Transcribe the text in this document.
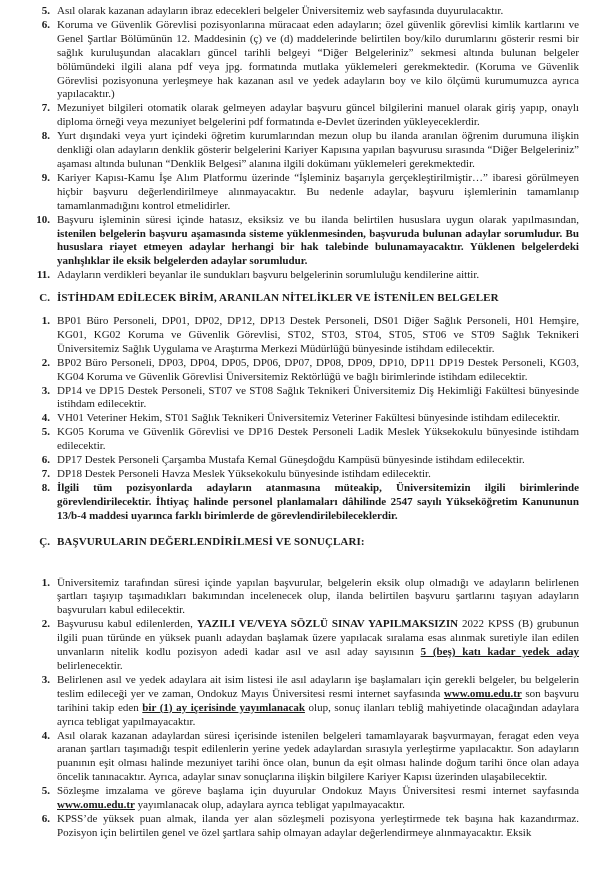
5. Asıl olarak kazanan adayların ibraz edecekleri belgeler Üniversitemiz web sayfasında duyurulacaktır.
6. Koruma ve Güvenlik Görevlisi pozisyonlarına müracaat eden adayların; özel güvenlik görevlisi kimlik kartlarını ve Genel Şartlar Bölümünün 12. Maddesinin (ç) ve (d) maddelerinde belirtilen boy/kilo durumlarını gösterir resmi bir sağlık kuruluşundan alacakları güncel tarihli belgeyi “Diğer Belgeleriniz” sekmesi altında bulunan belgeler bölümündeki ilgili alana pdf veya jpg. formatında mutlaka yüklemeleri gerekmektedir. (Koruma ve Güvenlik Görevlisi pozisyonuna yerleşmeye hak kazanan asıl ve yedek adayların boy ve kilo ölçümü kurumumuzca ayrıca yapılacaktır.)
7. Mezuniyet bilgileri otomatik olarak gelmeyen adaylar başvuru güncel bilgilerini manuel olarak giriş yapıp, onaylı diploma örneği veya mezuniyet belgelerini pdf formatında e-Devlet üzerinden yükleyeceklerdir.
8. Yurt dışındaki veya yurt içindeki öğretim kurumlarından mezun olup bu ilanda aranılan öğrenim durumuna ilişkin denkliği olan adayların denklik gösterir belgelerini Kariyer Kapısına yapılan başvurusu sırasında “Diğer Belgeleriniz” aşaması altında bulunan “Denklik Belgesi” alanına ilgili dokümanı yüklemeleri gerekmektedir.
9. Kariyer Kapısı-Kamu İşe Alım Platformu üzerinde “İşleminiz başarıyla gerçekleştirilmiştir…” ibaresi görülmeyen hiçbir başvuru değerlendirilmeye alınmayacaktır. Bu nedenle adaylar, başvuru işlemlerinin tamamlanıp tamamlanmadığını kontrol etmelidirler.
10. Başvuru işleminin süresi içinde hatasız, eksiksiz ve bu ilanda belirtilen hususlara uygun olarak yapılmasından, istenilen belgelerin başvuru aşamasında sisteme yüklenmesinden, başvuruda bulunan adaylar sorumludur. Bu hususlara riayet etmeyen adaylar herhangi bir hak talebinde bulunamayacaktır. Yüklenen belgelerdeki yanlışlıklar ile eksik belgelerden adaylar sorumludur.
11. Adayların verdikleri beyanlar ile sundukları başvuru belgelerinin sorumluluğu kendilerine aittir.
C. İSTİHDAM EDİLECEK BİRİM, ARANILAN NİTELİKLER VE İSTENİLEN BELGELER
1. BP01 Büro Personeli, DP01, DP02, DP12, DP13 Destek Personeli, DS01 Diğer Sağlık Personeli, H01 Hemşire, KG01, KG02 Koruma ve Güvenlik Görevlisi, ST02, ST03, ST04, ST05, ST06 ve ST09 Sağlık Teknikeri Üniversitemiz Sağlık Uygulama ve Araştırma Merkezi Müdürlüğü bünyesinde istihdam edilecektir.
2. BP02 Büro Personeli, DP03, DP04, DP05, DP06, DP07, DP08, DP09, DP10, DP11 DP19 Destek Personeli, KG03, KG04 Koruma ve Güvenlik Görevlisi Üniversitemiz Rektörlüğü ve bağlı birimlerinde istihdam edilecektir.
3. DP14 ve DP15 Destek Personeli, ST07 ve ST08 Sağlık Teknikeri Üniversitemiz Diş Hekimliği Fakültesi bünyesinde istihdam edilecektir.
4. VH01 Veteriner Hekim, ST01 Sağlık Teknikeri Üniversitemiz Veteriner Fakültesi bünyesinde istihdam edilecektir.
5. KG05 Koruma ve Güvenlik Görevlisi ve DP16 Destek Personeli Ladik Meslek Yüksekokulu bünyesinde istihdam edilecektir.
6. DP17 Destek Personeli Çarşamba Mustafa Kemal Güneşdoğdu Kampüsü bünyesinde istihdam edilecektir.
7. DP18 Destek Personeli Havza Meslek Yüksekokulu bünyesinde istihdam edilecektir.
8. İlgili tüm pozisyonlarda adayların atanmasına müteakip, Üniversitemizin ilgili birimlerinde görevlendirilecektir. İhtiyaç halinde personel planlamaları dâhilinde 2547 sayılı Yükseköğretim Kanununun 13/b-4 maddesi uyarınca farklı birimlerde de görevlendirilebileceklerdir.
Ç. BAŞVURULARIN DEĞERLENDİRİLMESİ VE SONUÇLARI:
1. Üniversitemiz tarafından süresi içinde yapılan başvurular, belgelerin eksik olup olmadığı ve adayların belirlenen şartları taşıyıp taşımadıkları bakımından incelenecek olup, ilanda belirtilen başvuru şartlarını taşıyan adayların başvuruları kabul edilecektir.
2. Başvurusu kabul edilenlerden, YAZILI VE/VEYA SÖZLÜ SINAV YAPILMAKSIZIN 2022 KPSS (B) grubunun ilgili puan türünde en yüksek puanlı adaydan başlamak üzere yapılacak sıralama esas alınmak suretiyle ilan edilen unvanların nitelik kodlu pozisyon adedi kadar asıl ve asıl aday sayısının 5 (beş) katı kadar yedek aday belirlenecektir.
3. Belirlenen asıl ve yedek adaylara ait isim listesi ile asıl adayların işe başlamaları için gerekli belgeler, bu belgelerin teslim edileceği yer ve zaman, Ondokuz Mayıs Üniversitesi resmi internet sayfasında www.omu.edu.tr son başvuru tarihini takip eden bir (1) ay içerisinde yayımlanacak olup, sonuç ilanları tebliğ mahiyetinde olacağından adaylara ayrıca tebligat yapılmayacaktır.
4. Asıl olarak kazanan adaylardan süresi içerisinde istenilen belgeleri tamamlayarak başvurmayan, feragat eden veya aranan şartları taşımadığı tespit edilenlerin yerine yedek adaylardan sırasıyla yerleştirme yapılacaktır. Son adayların puanının eşit olması halinde mezuniyet tarihi önce olan, bunun da eşit olması halinde doğum tarihi önce olan adaya öncelik tanınacaktır. Ayrıca, adaylar sınav sonuçlarına ilişkin bilgilere Kariyer Kapısı üzerinden ulaşabilecektir.
5. Sözleşme imzalama ve göreve başlama için duyurular Ondokuz Mayıs Üniversitesi resmi internet sayfasında www.omu.edu.tr yayımlanacak olup, adaylara ayrıca tebligat yapılmayacaktır.
6. KPSS’de yüksek puan almak, ilanda yer alan sözleşmeli pozisyona yerleştirmede tek başına hak kazandırmaz. Pozisyon için belirtilen genel ve özel şartlara sahip olmayan adaylar değerlendirmeye alınmayacaktır. Eksik
